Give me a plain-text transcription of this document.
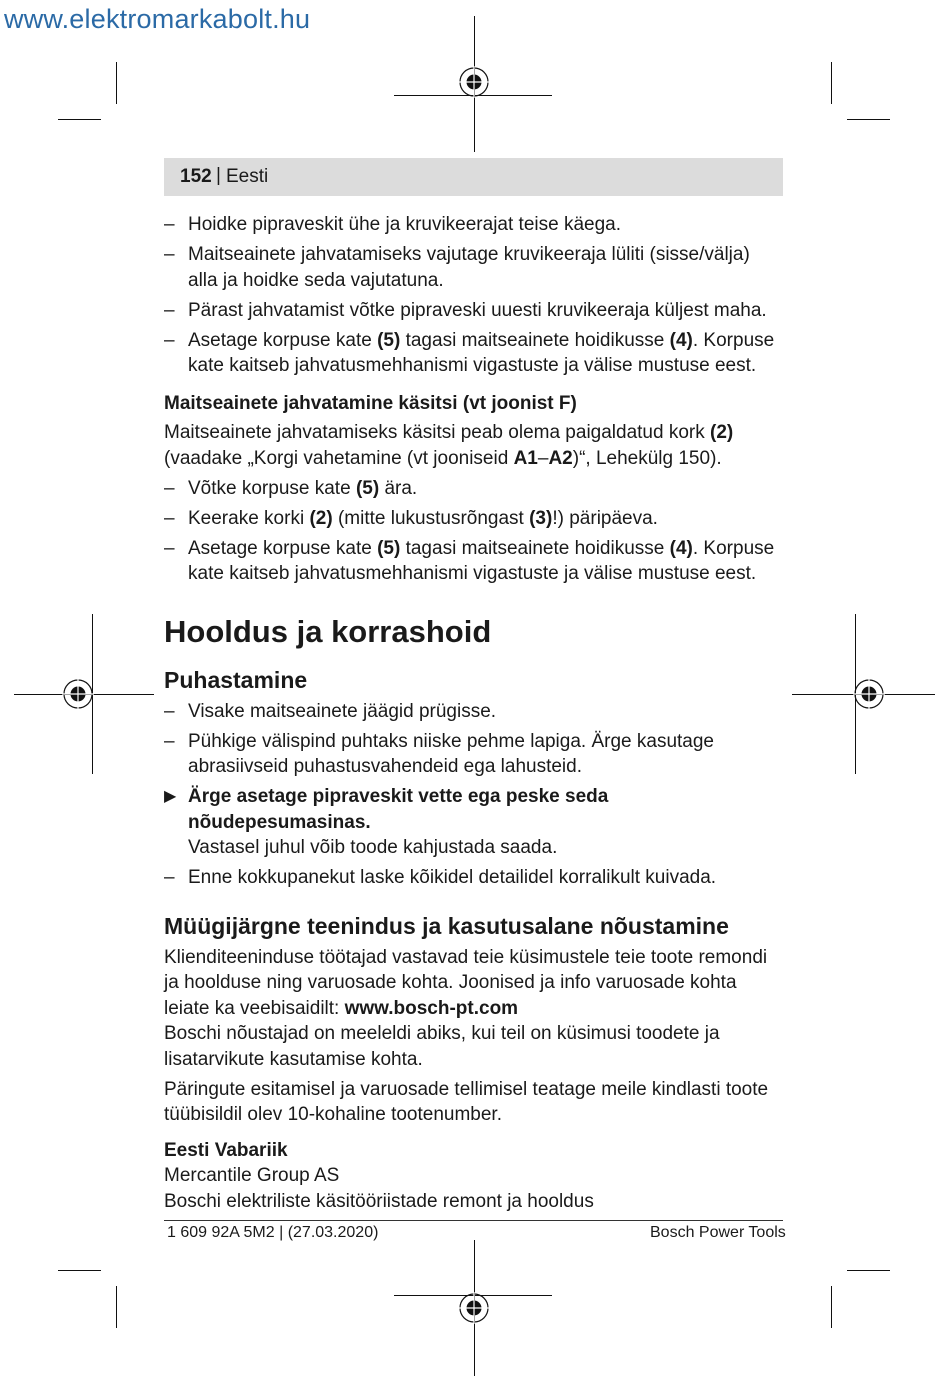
www.elektromarkabolt.hu
152 | Eesti
– Hoidke pipraveskit ühe ja kruvikeerajat teise käega.
– Maitseainete jahvatamiseks vajutage kruvikeeraja lüliti (sisse/välja) alla ja hoidke seda vajutatuna.
– Pärast jahvatamist võtke pipraveski uuesti kruvikeeraja küljest maha.
– Asetage korpuse kate (5) tagasi maitseainete hoidikusse (4). Korpuse kate kaitseb jahvatusmehhanismi vigastuste ja välise mustuse eest.
Maitseainete jahvatamine käsitsi (vt joonist F)
Maitseainete jahvatamiseks käsitsi peab olema paigaldatud kork (2) (vaadake „Korgi vahetamine (vt jooniseid A1–A2)“, Lehekülg 150).
– Võtke korpuse kate (5) ära.
– Keerake korki (2) (mitte lukustusrõngast (3)!) päripäeva.
– Asetage korpuse kate (5) tagasi maitseainete hoidikusse (4). Korpuse kate kaitseb jahvatusmehhanismi vigastuste ja välise mustuse eest.
Hooldus ja korrashoid
Puhastamine
– Visake maitseainete jäägid prügisse.
– Pühkige välispind puhtaks niiske pehme lapiga. Ärge kasutage abrasiivseid puhastusvahendeid ega lahusteid.
▶ Ärge asetage pipraveskit vette ega peske seda nõudepesumasinas.
Vastasel juhul võib toode kahjustada saada.
– Enne kokkupanekut laske kõikidel detailidel korralikult kuivada.
Müügijärgne teenindus ja kasutusalane nõustamine
Klienditeeninduse töötajad vastavad teie küsimustele teie toote remondi ja hoolduse ning varuosade kohta. Joonised ja info varuosade kohta leiate ka veebisaidilt: www.bosch-pt.com
Boschi nõustajad on meeleldi abiks, kui teil on küsimusi toodete ja lisatarvikute kasutamise kohta.
Päringute esitamisel ja varuosade tellimisel teatage meile kindlasti toote tüübisildil olev 10-kohaline tootenumber.
Eesti Vabariik
Mercantile Group AS
Boschi elektriliste käsitööriistade remont ja hooldus
1 609 92A 5M2 | (27.03.2020)	Bosch Power Tools
